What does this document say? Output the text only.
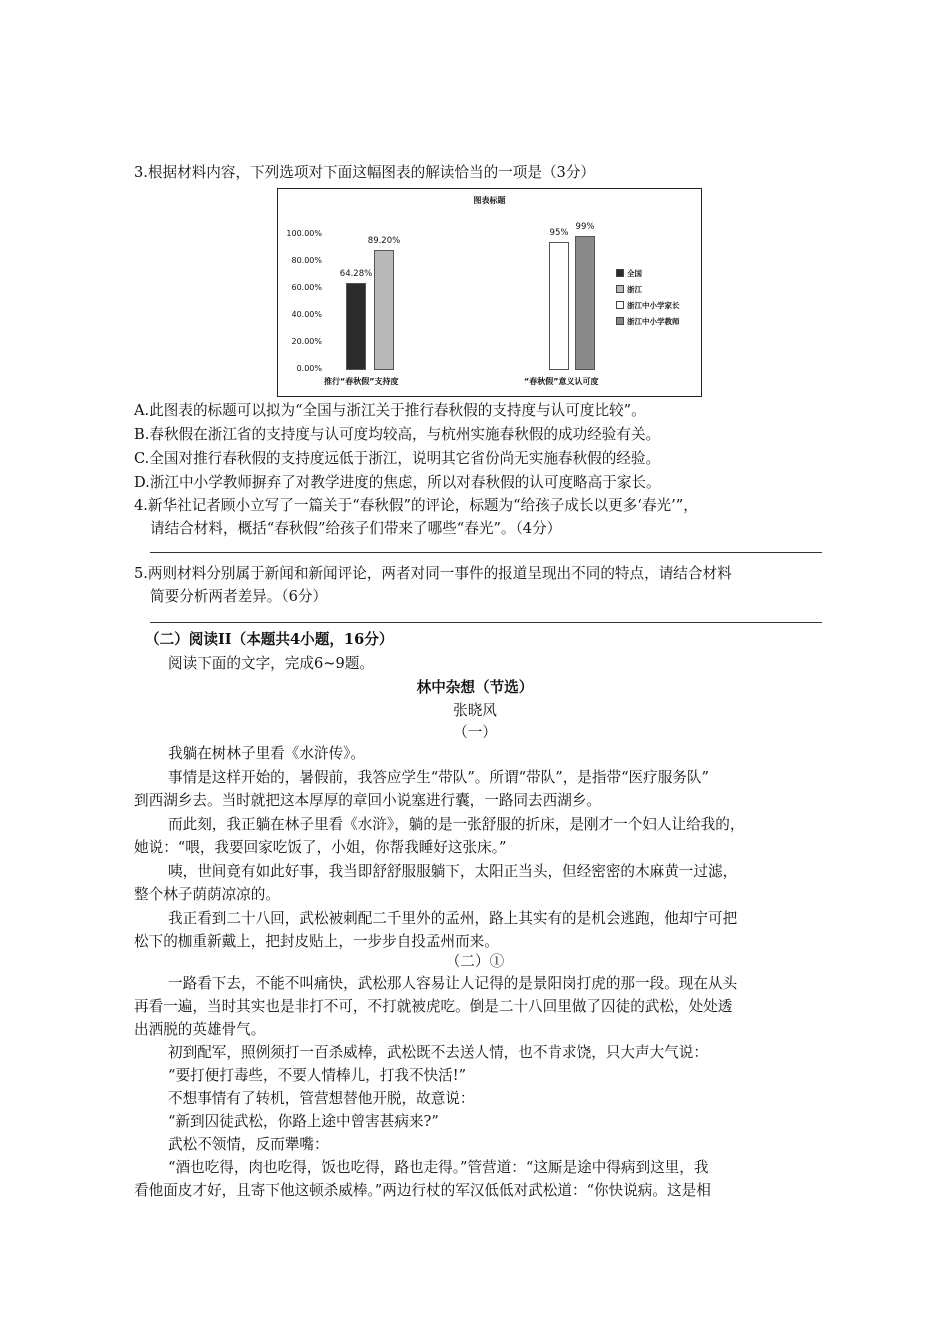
3.根据材料内容，下列选项对下面这幅图表的解读恰当的一项是（3分）
图表标题
100.00%
80.00%
60.00%
40.00%
20.00%
0.00%
64.28%
89.20%
95%
99%
推行“春秋假”支持度	“春秋假”意义认可度
全国
浙江
浙江中小学家长
浙江中小学教师
A.此图表的标题可以拟为“全国与浙江关于推行春秋假的支持度与认可度比较”。
B.春秋假在浙江省的支持度与认可度均较高，与杭州实施春秋假的成功经验有关。
C.全国对推行春秋假的支持度远低于浙江，说明其它省份尚无实施春秋假的经验。
D.浙江中小学教师摒弃了对教学进度的焦虑，所以对春秋假的认可度略高于家长。
4.新华社记者顾小立写了一篇关于“春秋假”的评论，标题为“给孩子成长以更多‘春光’”，
请结合材料，概括“春秋假”给孩子们带来了哪些“春光”。（4分）
5.两则材料分别属于新闻和新闻评论，两者对同一事件的报道呈现出不同的特点，请结合材料
简要分析两者差异。（6分）
（二）阅读II（本题共4小题，16分）
阅读下面的文字，完成6~9题。
林中杂想（节选）
张晓风
（一）
我躺在树林子里看《水浒传》。
事情是这样开始的，暑假前，我答应学生“带队”。所谓“带队”，是指带“医疗服务队”
到西湖乡去。当时就把这本厚厚的章回小说塞进行囊，一路同去西湖乡。
而此刻，我正躺在林子里看《水浒》，躺的是一张舒服的折床，是刚才一个妇人让给我的，
她说：“喂，我要回家吃饭了，小姐，你帮我睡好这张床。”
咦，世间竟有如此好事，我当即舒舒服服躺下，太阳正当头，但经密密的木麻黄一过滤，
整个林子荫荫凉凉的。
我正看到二十八回，武松被刺配二千里外的孟州，路上其实有的是机会逃跑，他却宁可把
松下的枷重新戴上，把封皮贴上，一步步自投孟州而来。
（二）①
一路看下去，不能不叫痛快，武松那人容易让人记得的是景阳岗打虎的那一段。现在从头
再看一遍，当时其实也是非打不可，不打就被虎吃。倒是二十八回里做了囚徒的武松，处处透
出洒脱的英雄骨气。
初到配军，照例须打一百杀威棒，武松既不去送人情，也不肯求饶，只大声大气说：
“要打便打毒些，不要人情棒儿，打我不快活!”
不想事情有了转机，管营想替他开脱，故意说：
“新到囚徒武松，你路上途中曾害甚病来?”
武松不领情，反而犟嘴：
“酒也吃得，肉也吃得，饭也吃得，路也走得。”管营道：“这厮是途中得病到这里，我
看他面皮才好，且寄下他这顿杀威棒。”两边行杖的军汉低低对武松道：“你快说病。这是相
